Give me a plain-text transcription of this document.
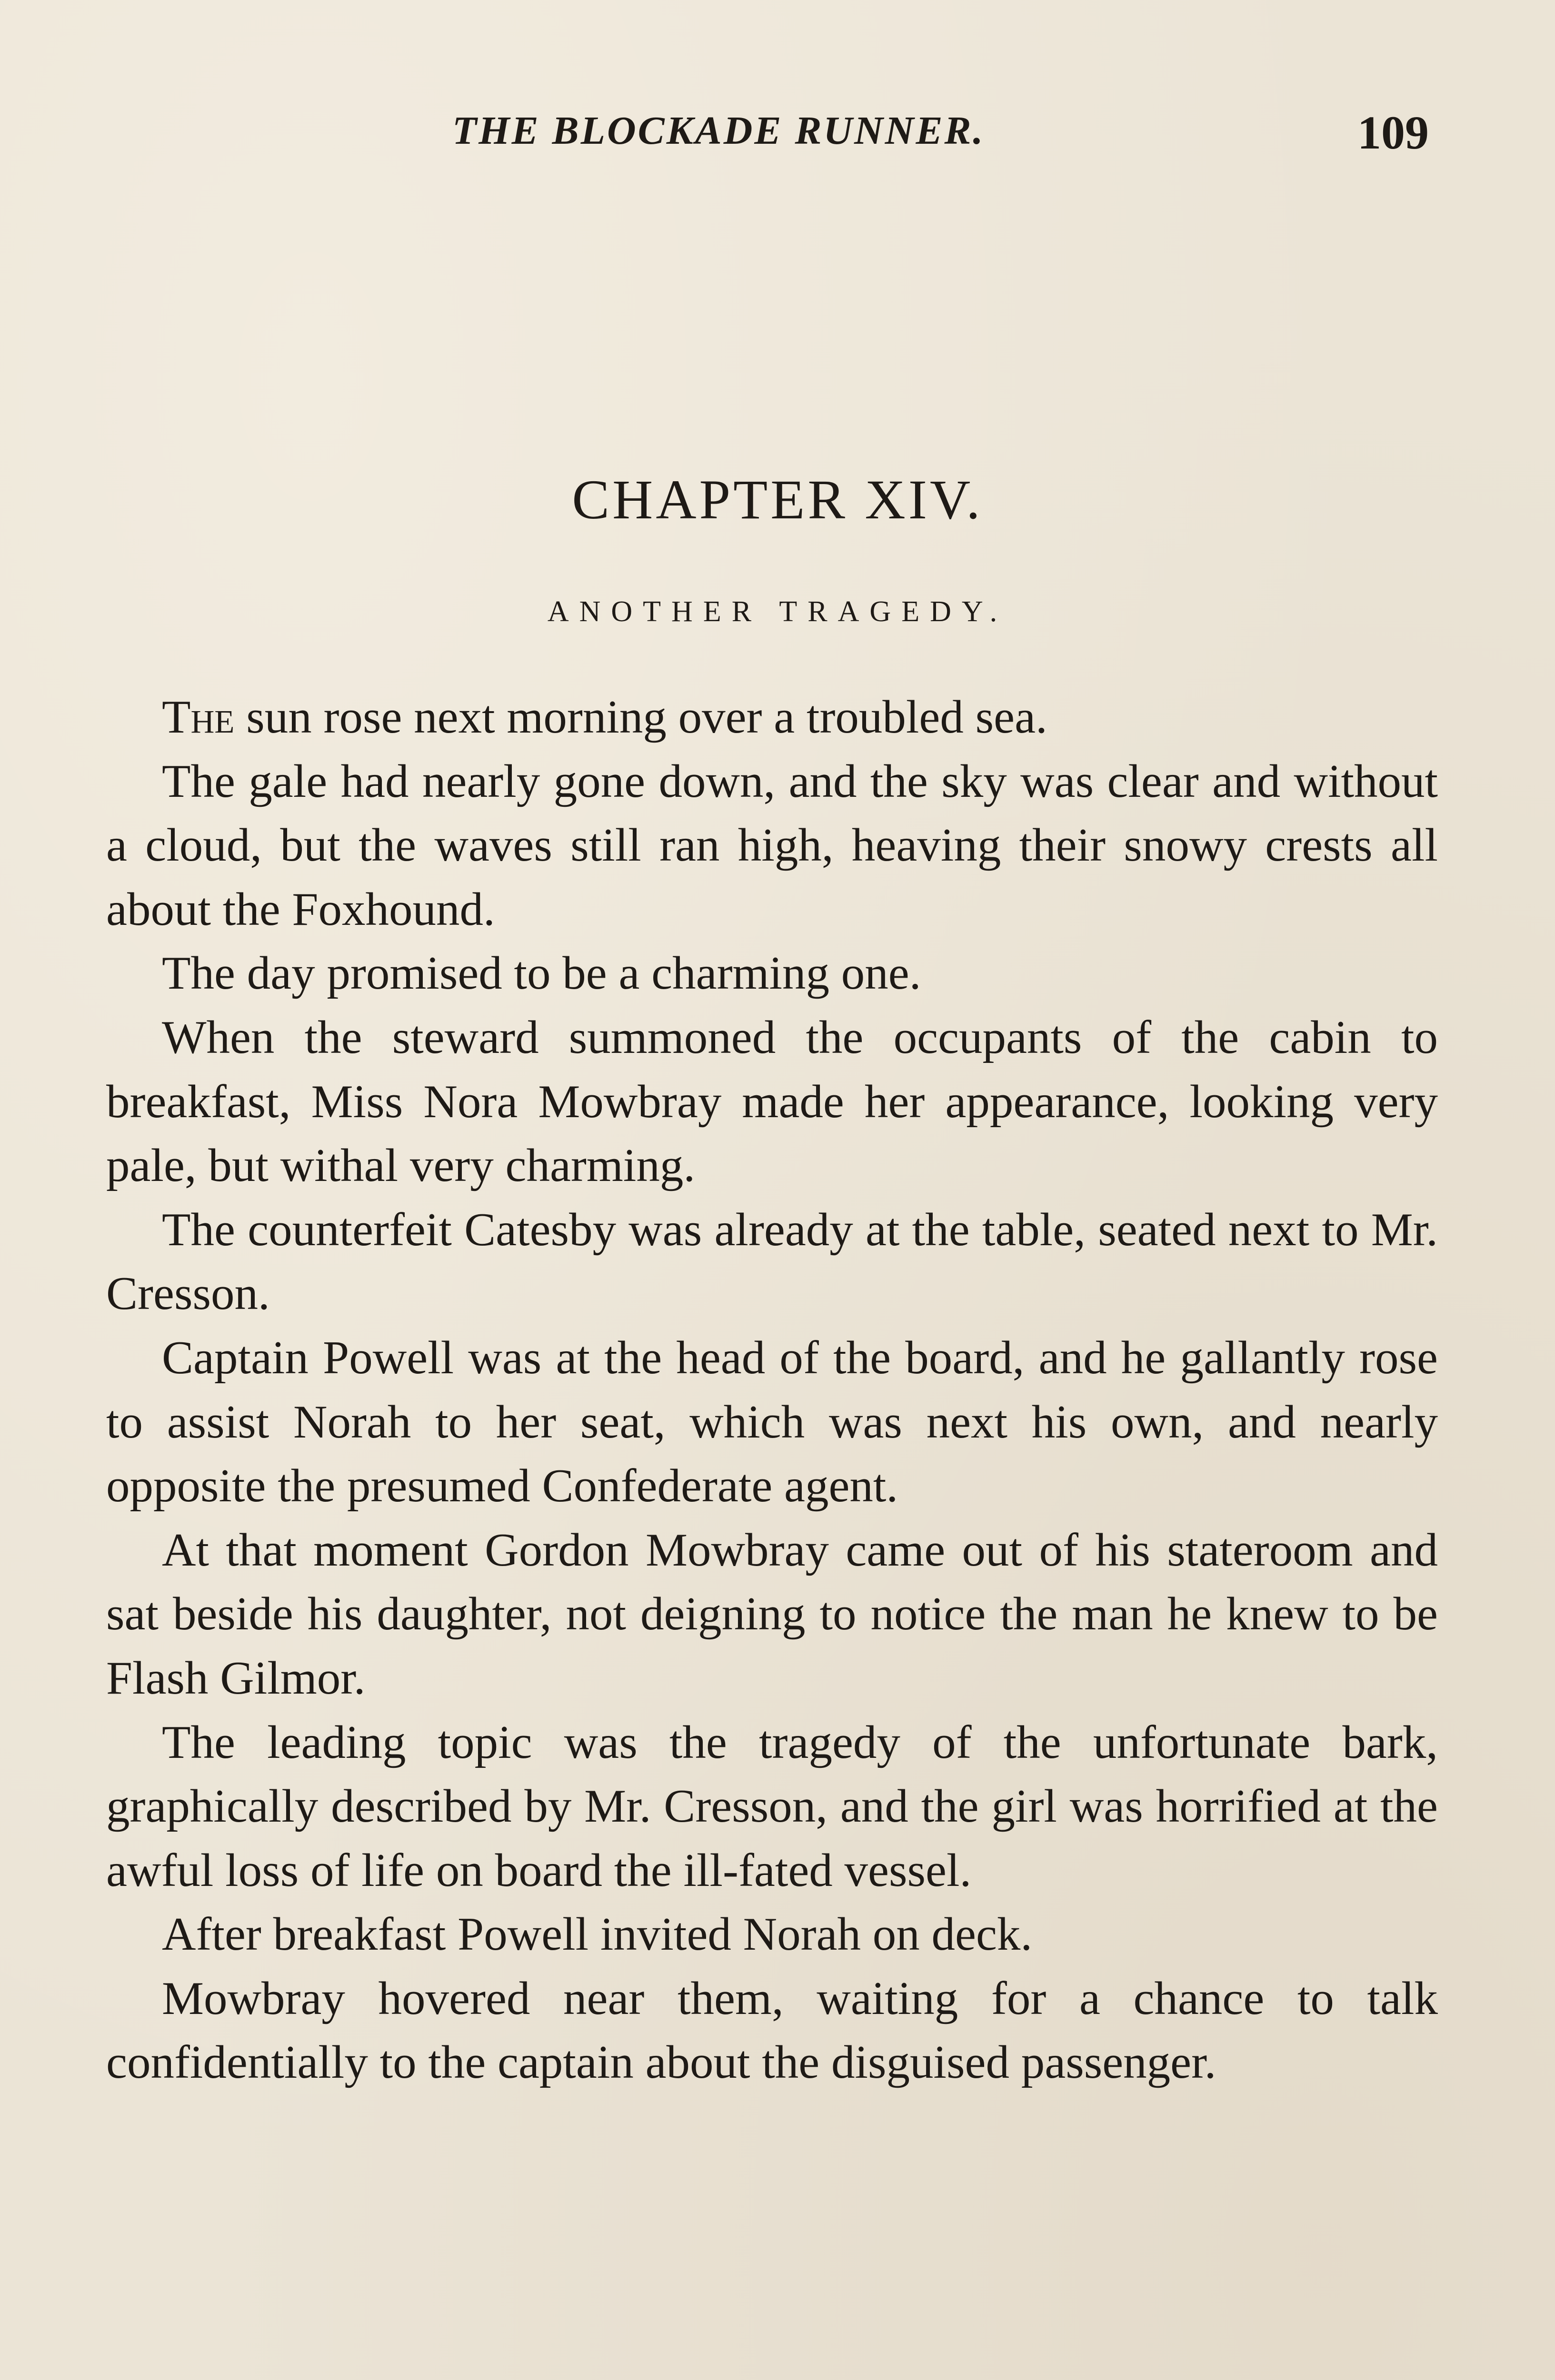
THE BLOCKADE RUNNER.	109
CHAPTER XIV.
ANOTHER TRAGEDY.

The sun rose next morning over a troubled sea.

The gale had nearly gone down, and the sky was clear and without a cloud, but the waves still ran high, heaving their snowy crests all about the Foxhound.

The day promised to be a charming one.

When the steward summoned the occupants of the cabin to breakfast, Miss Nora Mowbray made her appearance, looking very pale, but withal very charming.

The counterfeit Catesby was already at the table, seated next to Mr. Cresson.

Captain Powell was at the head of the board, and he gallantly rose to assist Norah to her seat, which was next his own, and nearly opposite the presumed Confederate agent.

At that moment Gordon Mowbray came out of his stateroom and sat beside his daughter, not deigning to notice the man he knew to be Flash Gilmor.

The leading topic was the tragedy of the unfortunate bark, graphically described by Mr. Cresson, and the girl was horrified at the awful loss of life on board the ill-fated vessel.

After breakfast Powell invited Norah on deck.

Mowbray hovered near them, waiting for a chance to talk confidentially to the captain about the disguised passenger.
